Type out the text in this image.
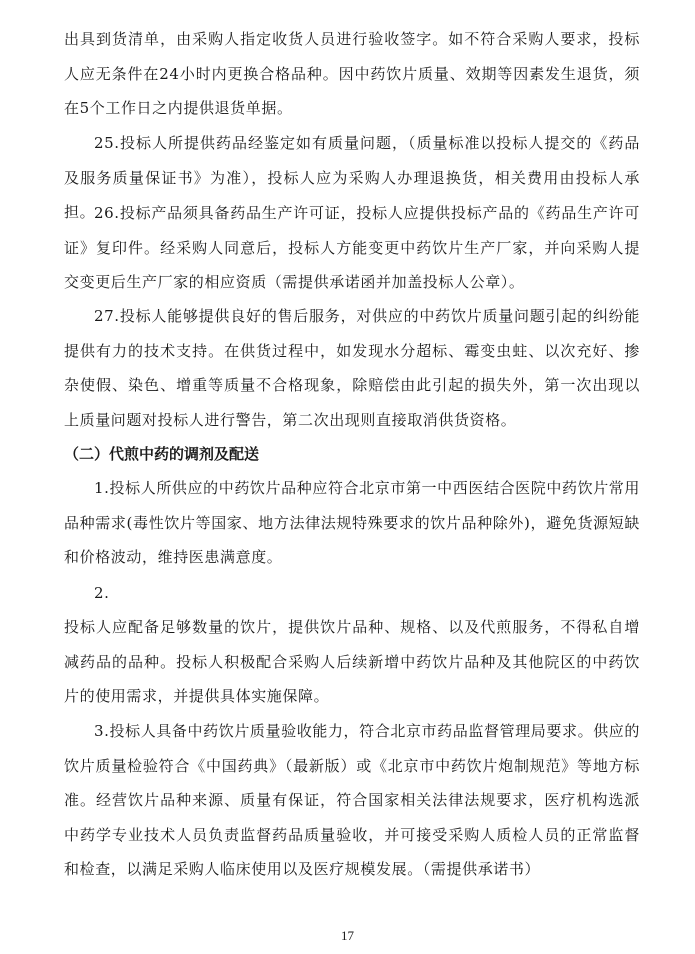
出具到货清单，由采购人指定收货人员进行验收签字。如不符合采购人要求，投标人应无条件在24小时内更换合格品种。因中药饮片质量、效期等因素发生退货，须在5个工作日之内提供退货单据。

25.投标人所提供药品经鉴定如有质量问题，（质量标准以投标人提交的《药品及服务质量保证书》为准），投标人应为采购人办理退换货，相关费用由投标人承担。

26.投标产品须具备药品生产许可证，投标人应提供投标产品的《药品生产许可证》复印件。经采购人同意后，投标人方能变更中药饮片生产厂家，并向采购人提交变更后生产厂家的相应资质（需提供承诺函并加盖投标人公章）。

27.投标人能够提供良好的售后服务，对供应的中药饮片质量问题引起的纠纷能提供有力的技术支持。在供货过程中，如发现水分超标、霉变虫蛀、以次充好、掺杂使假、染色、增重等质量不合格现象，除赔偿由此引起的损失外，第一次出现以上质量问题对投标人进行警告，第二次出现则直接取消供货资格。

（二）代煎中药的调剂及配送

1.投标人所供应的中药饮片品种应符合北京市第一中西医结合医院中药饮片常用品种需求(毒性饮片等国家、地方法律法规特殊要求的饮片品种除外)，避免货源短缺和价格波动，维持医患满意度。

2.

投标人应配备足够数量的饮片，提供饮片品种、规格、以及代煎服务，不得私自增减药品的品种。投标人积极配合采购人后续新增中药饮片品种及其他院区的中药饮片的使用需求，并提供具体实施保障。

3.投标人具备中药饮片质量验收能力，符合北京市药品监督管理局要求。供应的饮片质量检验符合《中国药典》（最新版）或《北京市中药饮片炮制规范》等地方标准。经营饮片品种来源、质量有保证，符合国家相关法律法规要求，医疗机构选派中药学专业技术人员负责监督药品质量验收，并可接受采购人质检人员的正常监督和检查，以满足采购人临床使用以及医疗规模发展。（需提供承诺书）

17
